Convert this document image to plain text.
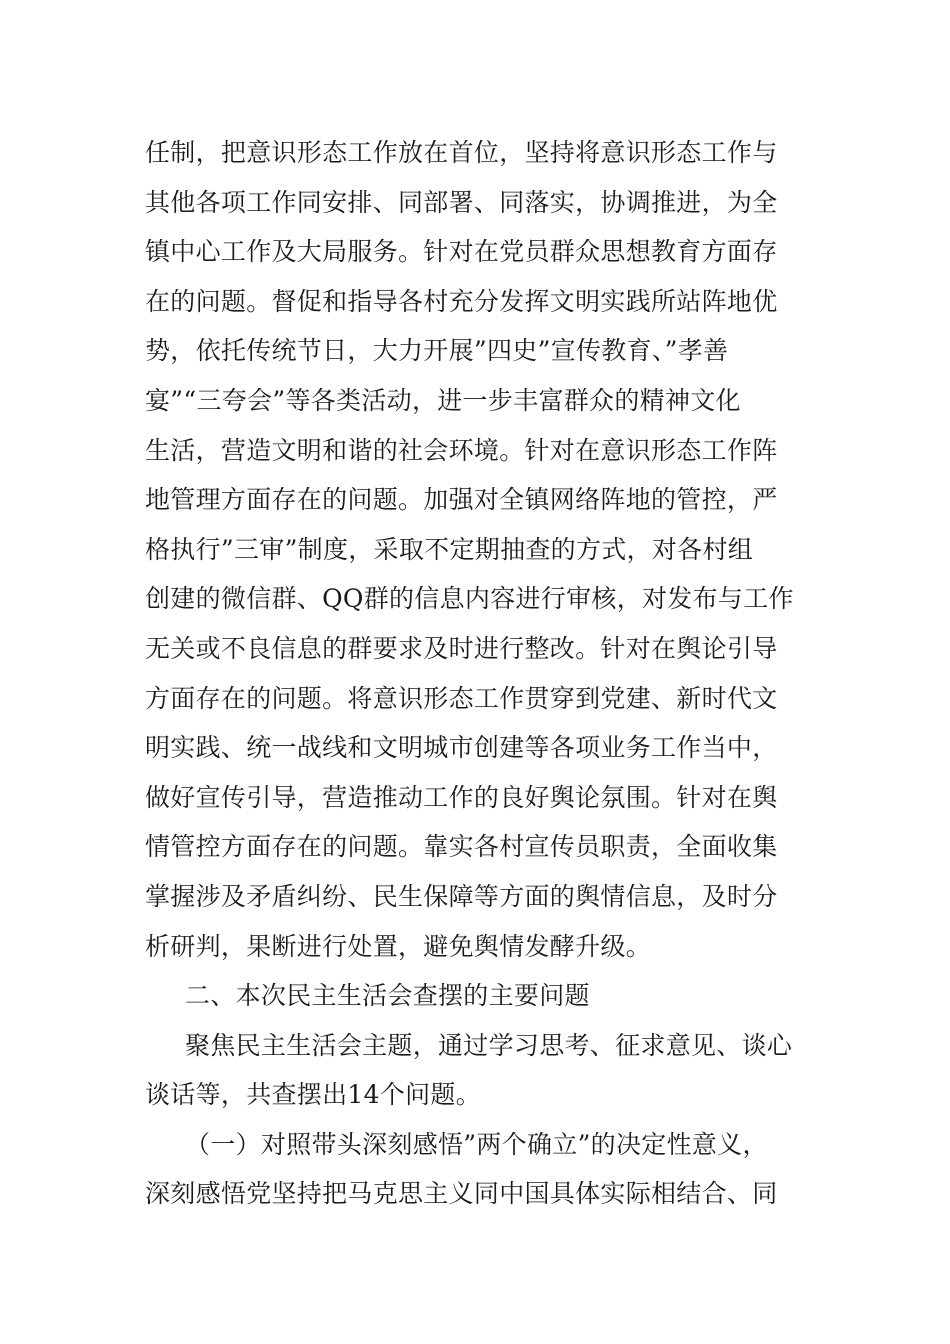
任制，把意识形态工作放在首位，坚持将意识形态工作与
其他各项工作同安排、同部署、同落实，协调推进，为全
镇中心工作及大局服务。针对在党员群众思想教育方面存
在的问题。督促和指导各村充分发挥文明实践所站阵地优
势，依托传统节日，大力开展”四史”宣传教育、”孝善
宴”“三夸会”等各类活动，进一步丰富群众的精神文化
生活，营造文明和谐的社会环境。针对在意识形态工作阵
地管理方面存在的问题。加强对全镇网络阵地的管控，严
格执行”三审”制度，采取不定期抽查的方式，对各村组
创建的微信群、QQ群的信息内容进行审核，对发布与工作
无关或不良信息的群要求及时进行整改。针对在舆论引导
方面存在的问题。将意识形态工作贯穿到党建、新时代文
明实践、统一战线和文明城市创建等各项业务工作当中，
做好宣传引导，营造推动工作的良好舆论氛围。针对在舆
情管控方面存在的问题。靠实各村宣传员职责，全面收集
掌握涉及矛盾纠纷、民生保障等方面的舆情信息，及时分
析研判，果断进行处置，避免舆情发酵升级。
二、本次民主生活会查摆的主要问题
聚焦民主生活会主题，通过学习思考、征求意见、谈心
谈话等，共查摆出14个问题。
（一）对照带头深刻感悟”两个确立”的决定性意义，
深刻感悟党坚持把马克思主义同中国具体实际相结合、同
